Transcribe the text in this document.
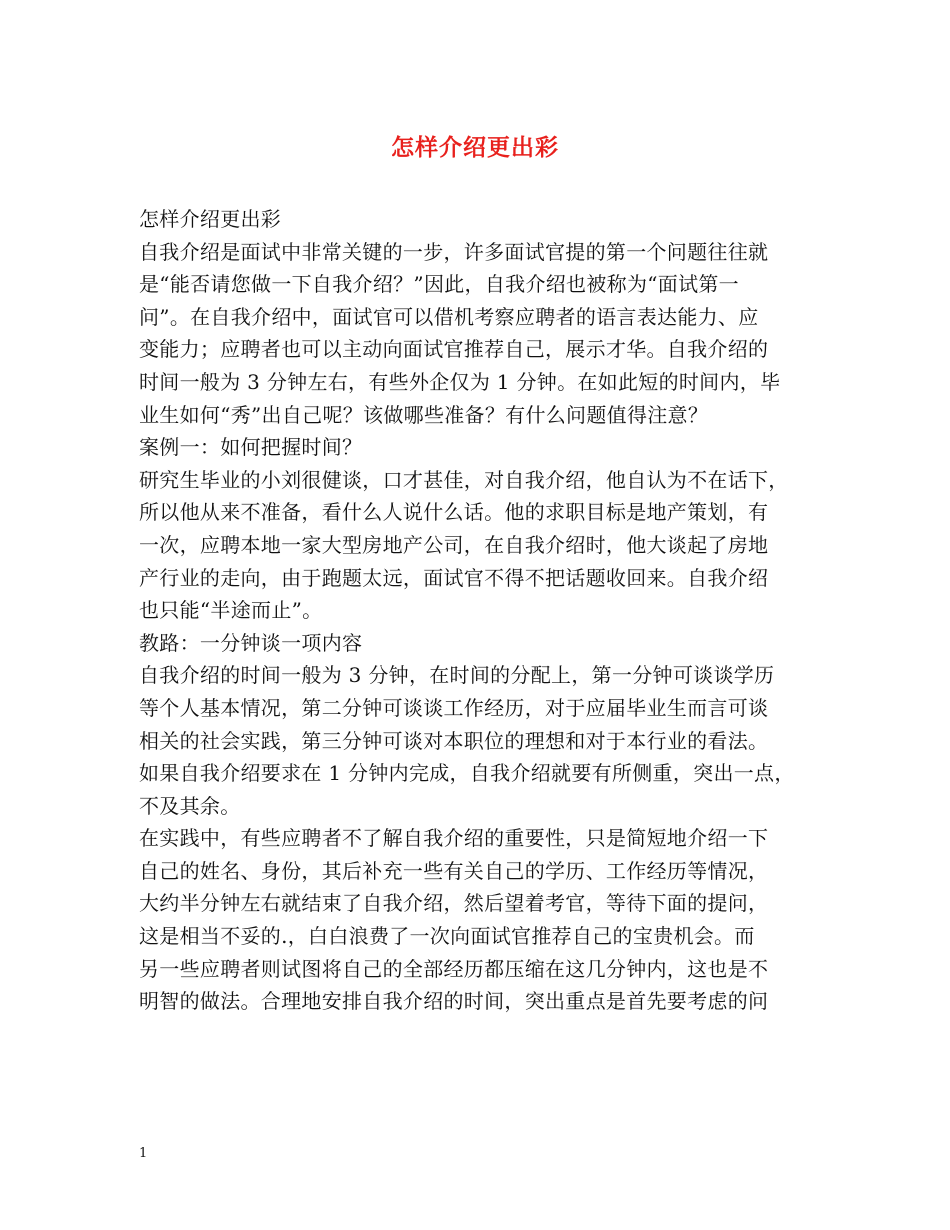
怎样介绍更出彩
怎样介绍更出彩
自我介绍是面试中非常关键的一步，许多面试官提的第一个问题往往就
是“能否请您做一下自我介绍？”因此，自我介绍也被称为“面试第一
问”。在自我介绍中，面试官可以借机考察应聘者的语言表达能力、应
变能力；应聘者也可以主动向面试官推荐自己，展示才华。自我介绍的
时间一般为 3 分钟左右，有些外企仅为 1 分钟。在如此短的时间内，毕
业生如何“秀”出自己呢？该做哪些准备？有什么问题值得注意？
案例一：如何把握时间？
研究生毕业的小刘很健谈，口才甚佳，对自我介绍，他自认为不在话下，
所以他从来不准备，看什么人说什么话。他的求职目标是地产策划，有
一次，应聘本地一家大型房地产公司，在自我介绍时，他大谈起了房地
产行业的走向，由于跑题太远，面试官不得不把话题收回来。自我介绍
也只能“半途而止”。
教路：一分钟谈一项内容
自我介绍的时间一般为 3 分钟，在时间的分配上，第一分钟可谈谈学历
等个人基本情况，第二分钟可谈谈工作经历，对于应届毕业生而言可谈
相关的社会实践，第三分钟可谈对本职位的理想和对于本行业的看法。
如果自我介绍要求在 1 分钟内完成，自我介绍就要有所侧重，突出一点，
不及其余。
在实践中，有些应聘者不了解自我介绍的重要性，只是简短地介绍一下
自己的姓名、身份，其后补充一些有关自己的学历、工作经历等情况，
大约半分钟左右就结束了自我介绍，然后望着考官，等待下面的提问，
这是相当不妥的.，白白浪费了一次向面试官推荐自己的宝贵机会。而
另一些应聘者则试图将自己的全部经历都压缩在这几分钟内，这也是不
明智的做法。合理地安排自我介绍的时间，突出重点是首先要考虑的问
1
